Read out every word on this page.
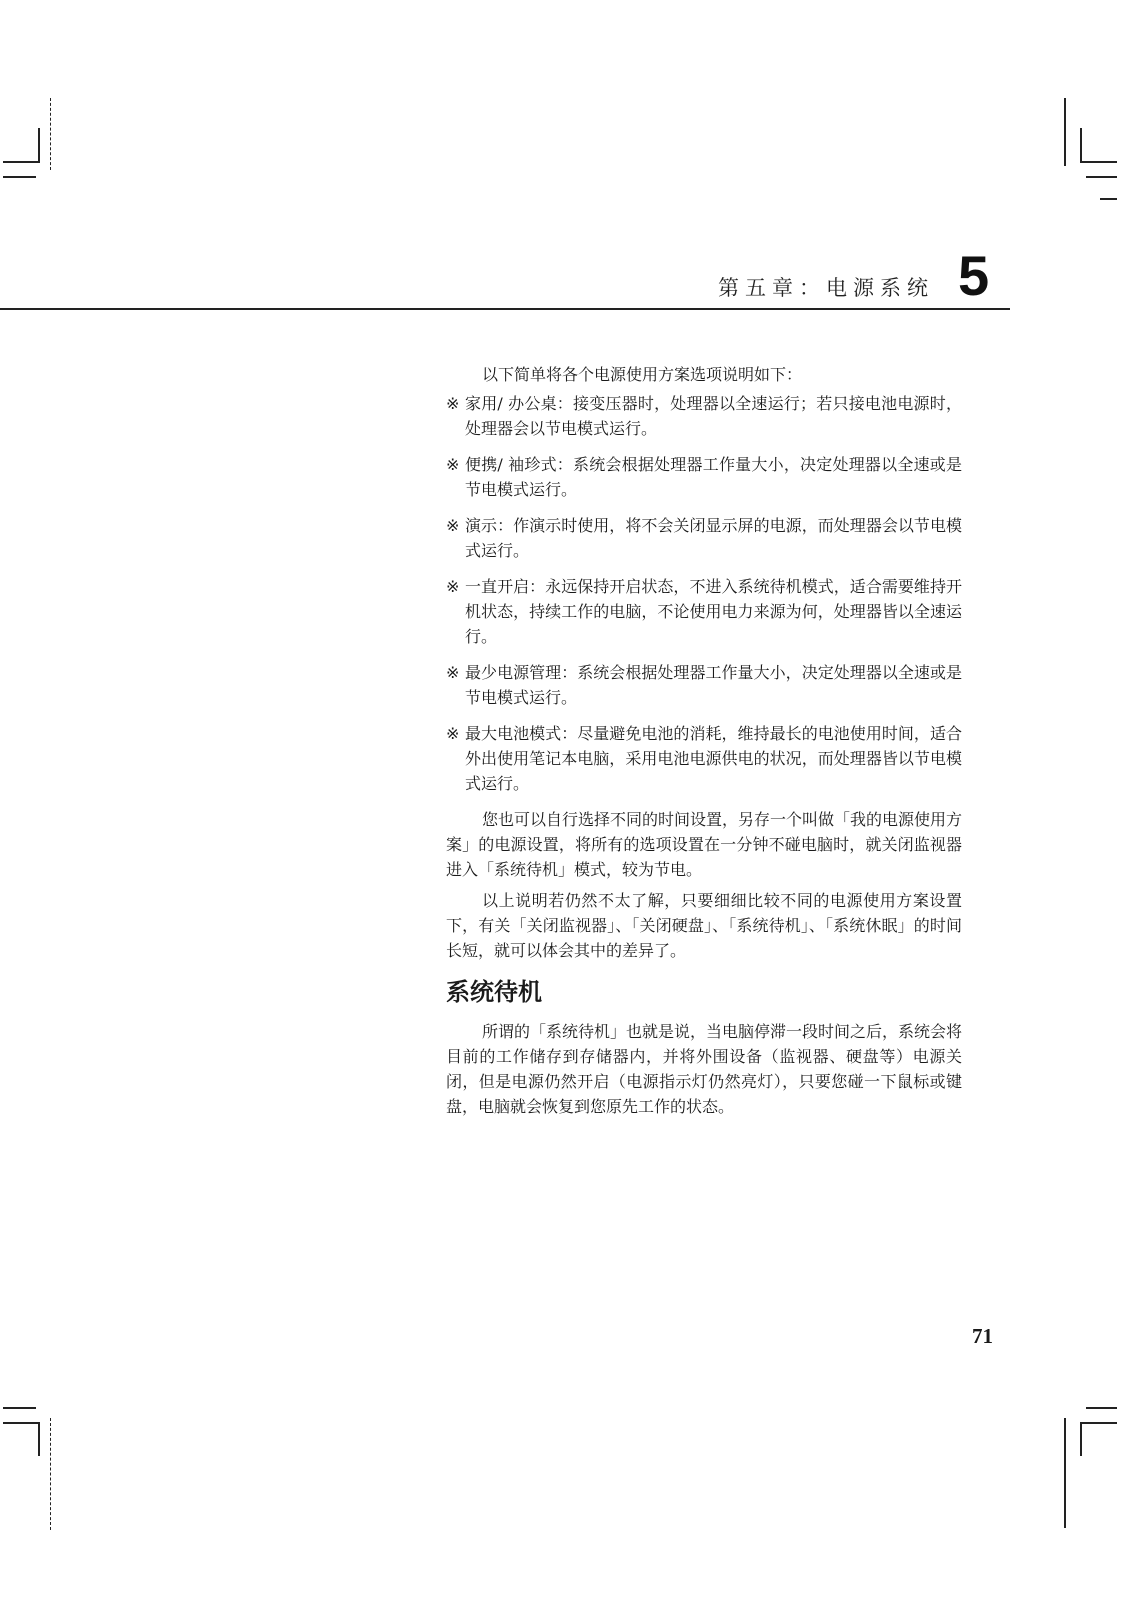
第五章：电源系统 5

以下简单将各个电源使用方案选项说明如下：

※ 家用/ 办公桌：接变压器时，处理器以全速运行；若只接电池电源时，处理器会以节电模式运行。

※ 便携/ 袖珍式：系统会根据处理器工作量大小，决定处理器以全速或是节电模式运行。

※ 演示：作演示时使用，将不会关闭显示屏的电源，而处理器会以节电模式运行。

※ 一直开启：永远保持开启状态，不进入系统待机模式，适合需要维持开机状态，持续工作的电脑，不论使用电力来源为何，处理器皆以全速运行。

※ 最少电源管理：系统会根据处理器工作量大小，决定处理器以全速或是节电模式运行。

※ 最大电池模式：尽量避免电池的消耗，维持最长的电池使用时间，适合外出使用笔记本电脑，采用电池电源供电的状况，而处理器皆以节电模式运行。

您也可以自行选择不同的时间设置，另存一个叫做「我的电源使用方案」的电源设置，将所有的选项设置在一分钟不碰电脑时，就关闭监视器进入「系统待机」模式，较为节电。

以上说明若仍然不太了解，只要细细比较不同的电源使用方案设置下，有关「关闭监视器」、「关闭硬盘」、「系统待机」、「系统休眠」的时间长短，就可以体会其中的差异了。

系统待机

所谓的「系统待机」也就是说，当电脑停滞一段时间之后，系统会将目前的工作储存到存储器内，并将外围设备（监视器、硬盘等）电源关闭，但是电源仍然开启（电源指示灯仍然亮灯），只要您碰一下鼠标或键盘，电脑就会恢复到您原先工作的状态。

71
